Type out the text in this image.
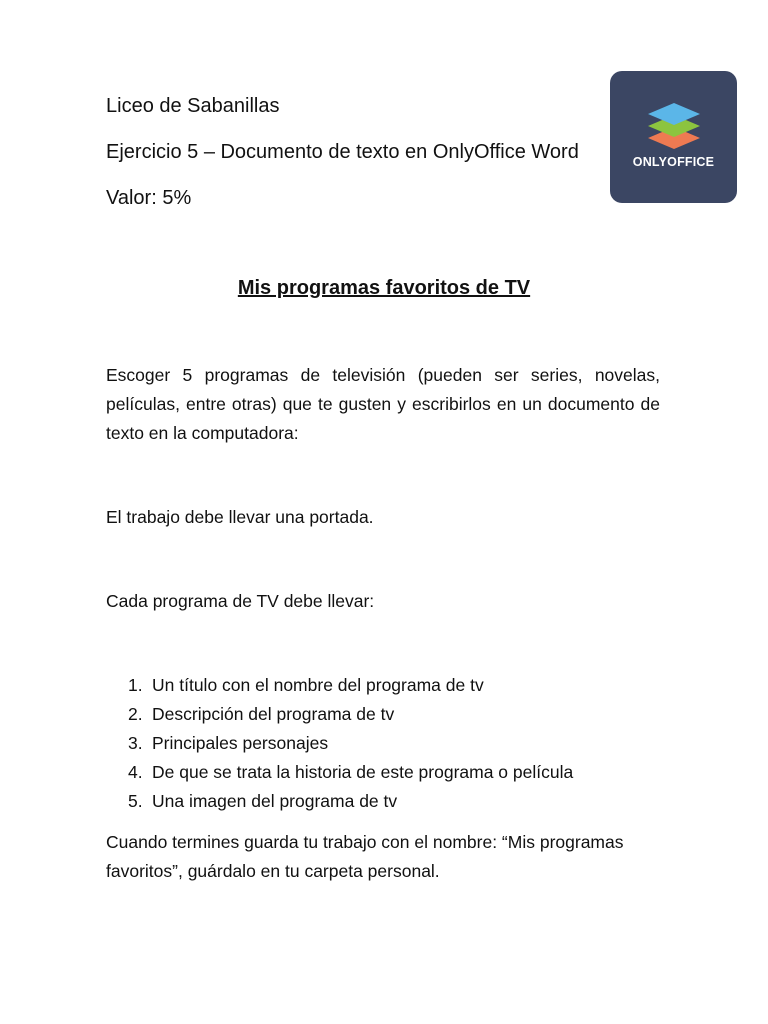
Liceo de Sabanillas
Ejercicio 5 – Documento de texto en OnlyOffice Word
Valor: 5%
ONLYOFFICE
Mis programas favoritos de TV
Escoger 5 programas de televisión (pueden ser series, novelas, películas, entre otras) que te gusten y escribirlos en un documento de texto en la computadora:
El trabajo debe llevar una portada.
Cada programa de TV debe llevar:
1. Un título con el nombre del programa de tv
2. Descripción del programa de tv
3. Principales personajes
4. De que se trata la historia de este programa o película
5. Una imagen del programa de tv
Cuando termines guarda tu trabajo con el nombre: “Mis programas favoritos”, guárdalo en tu carpeta personal.
